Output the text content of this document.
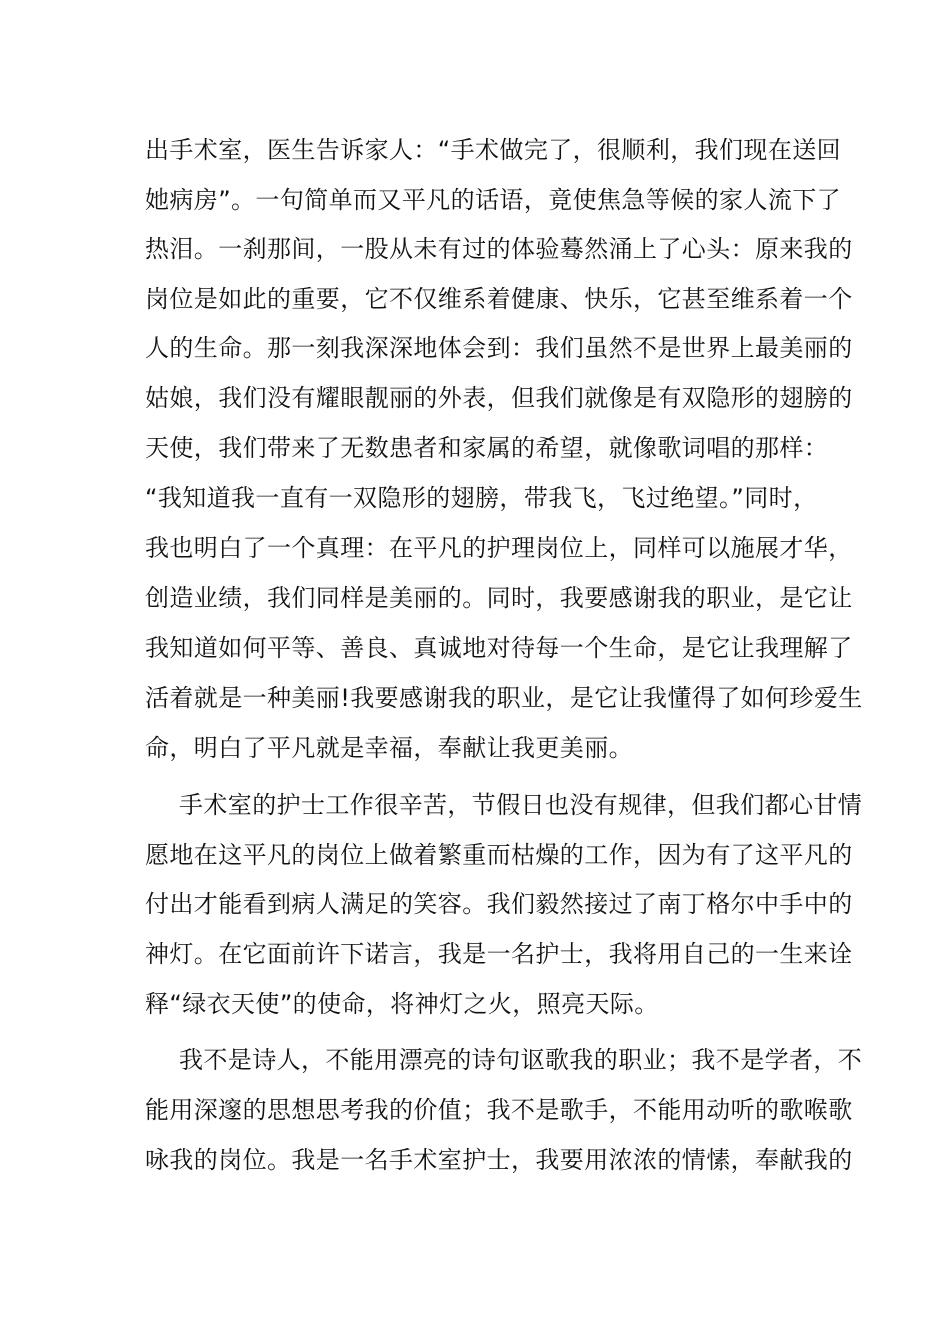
出手术室，医生告诉家人：“手术做完了，很顺利，我们现在送回
她病房”。一句简单而又平凡的话语，竟使焦急等候的家人流下了
热泪。一刹那间，一股从未有过的体验蓦然涌上了心头：原来我的
岗位是如此的重要，它不仅维系着健康、快乐，它甚至维系着一个
人的生命。那一刻我深深地体会到：我们虽然不是世界上最美丽的
姑娘，我们没有耀眼靓丽的外表，但我们就像是有双隐形的翅膀的
天使，我们带来了无数患者和家属的希望，就像歌词唱的那样：
“我知道我一直有一双隐形的翅膀，带我飞，飞过绝望。”同时，
我也明白了一个真理：在平凡的护理岗位上，同样可以施展才华，
创造业绩，我们同样是美丽的。同时，我要感谢我的职业，是它让
我知道如何平等、善良、真诚地对待每一个生命，是它让我理解了
活着就是一种美丽!我要感谢我的职业，是它让我懂得了如何珍爱生
命，明白了平凡就是幸福，奉献让我更美丽。
手术室的护士工作很辛苦，节假日也没有规律，但我们都心甘情
愿地在这平凡的岗位上做着繁重而枯燥的工作，因为有了这平凡的
付出才能看到病人满足的笑容。我们毅然接过了南丁格尔中手中的
神灯。在它面前许下诺言，我是一名护士，我将用自己的一生来诠
释“绿衣天使”的使命，将神灯之火，照亮天际。
我不是诗人，不能用漂亮的诗句讴歌我的职业；我不是学者，不
能用深邃的思想思考我的价值；我不是歌手，不能用动听的歌喉歌
咏我的岗位。我是一名手术室护士，我要用浓浓的情愫，奉献我的
